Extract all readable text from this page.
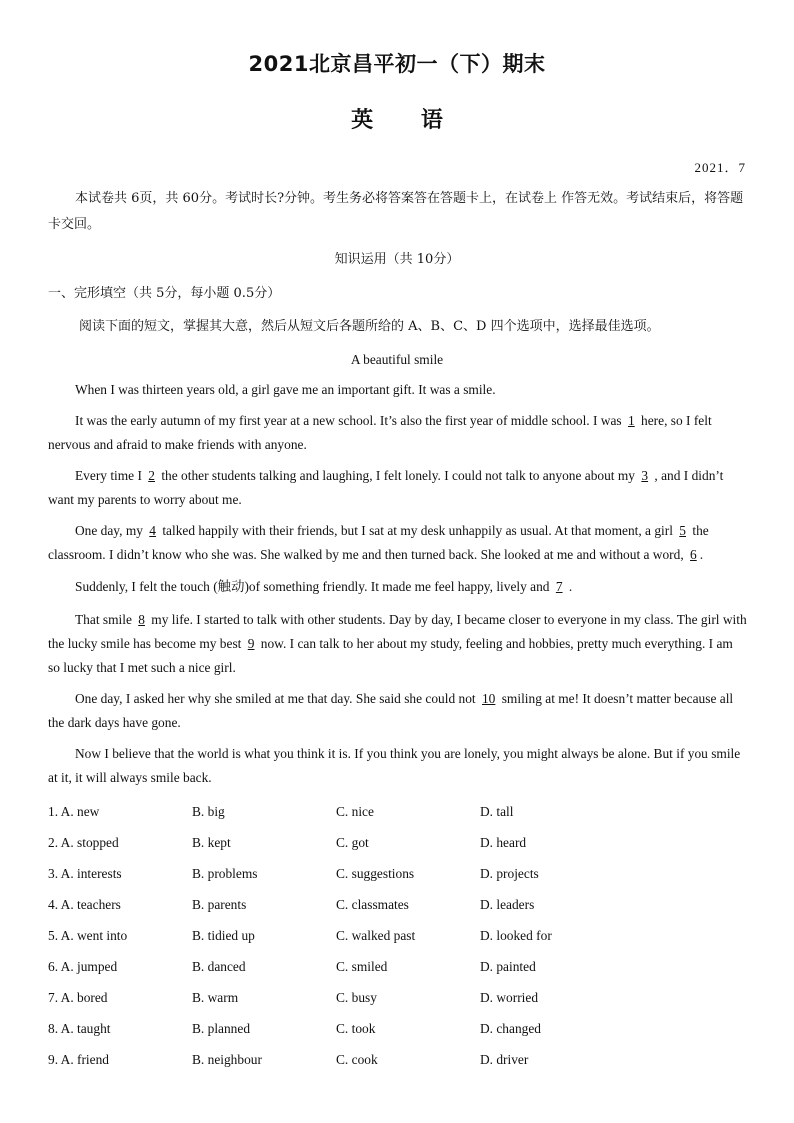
2021北京昌平初一（下）期末
英 语
2021．7
本试卷共 6页，共 60分。考试时长?分钟。考生务必将答案答在答题卡上，在试卷上 作答无效。考试结束后，将答题卡交回。
知识运用（共 10分）
一、完形填空（共 5分，每小题 0.5分）
阅读下面的短文，掌握其大意，然后从短文后各题所给的 A、B、C、D 四个选项中，选择最佳选项。
A beautiful smile
When I was thirteen years old, a girl gave me an important gift. It was a smile.
It was the early autumn of my first year at a new school. It’s also the first year of middle school. I was 1 here, so I felt nervous and afraid to make friends with anyone.
Every time I 2 the other students talking and laughing, I felt lonely. I could not talk to anyone about my 3 , and I didn’t want my parents to worry about me.
One day, my 4 talked happily with their friends, but I sat at my desk unhappily as usual. At that moment, a girl 5 the classroom. I didn’t know who she was. She walked by me and then turned back. She looked at me and without a word, 6 .
Suddenly, I felt the touch (触动)of something friendly. It made me feel happy, lively and 7 .
That smile 8 my life. I started to talk with other students. Day by day, I became closer to everyone in my class. The girl with the lucky smile has become my best 9 now. I can talk to her about my study, feeling and hobbies, pretty much everything. I am so lucky that I met such a nice girl.
One day, I asked her why she smiled at me that day. She said she could not 10 smiling at me! It doesn’t matter because all the dark days have gone.
Now I believe that the world is what you think it is. If you think you are lonely, you might always be alone. But if you smile at it, it will always smile back.
1. A. new	B. big	C. nice	D. tall
2. A. stopped	B. kept	C. got	D. heard
3. A. interests	B. problems	C. suggestions	D. projects
4. A. teachers	B. parents	C. classmates	D. leaders
5. A. went into	B. tidied up	C. walked past	D. looked for
6. A. jumped	B. danced	C. smiled	D. painted
7. A. bored	B. warm	C. busy	D. worried
8. A. taught	B. planned	C. took	D. changed
9. A. friend	B. neighbour	C. cook	D. driver
